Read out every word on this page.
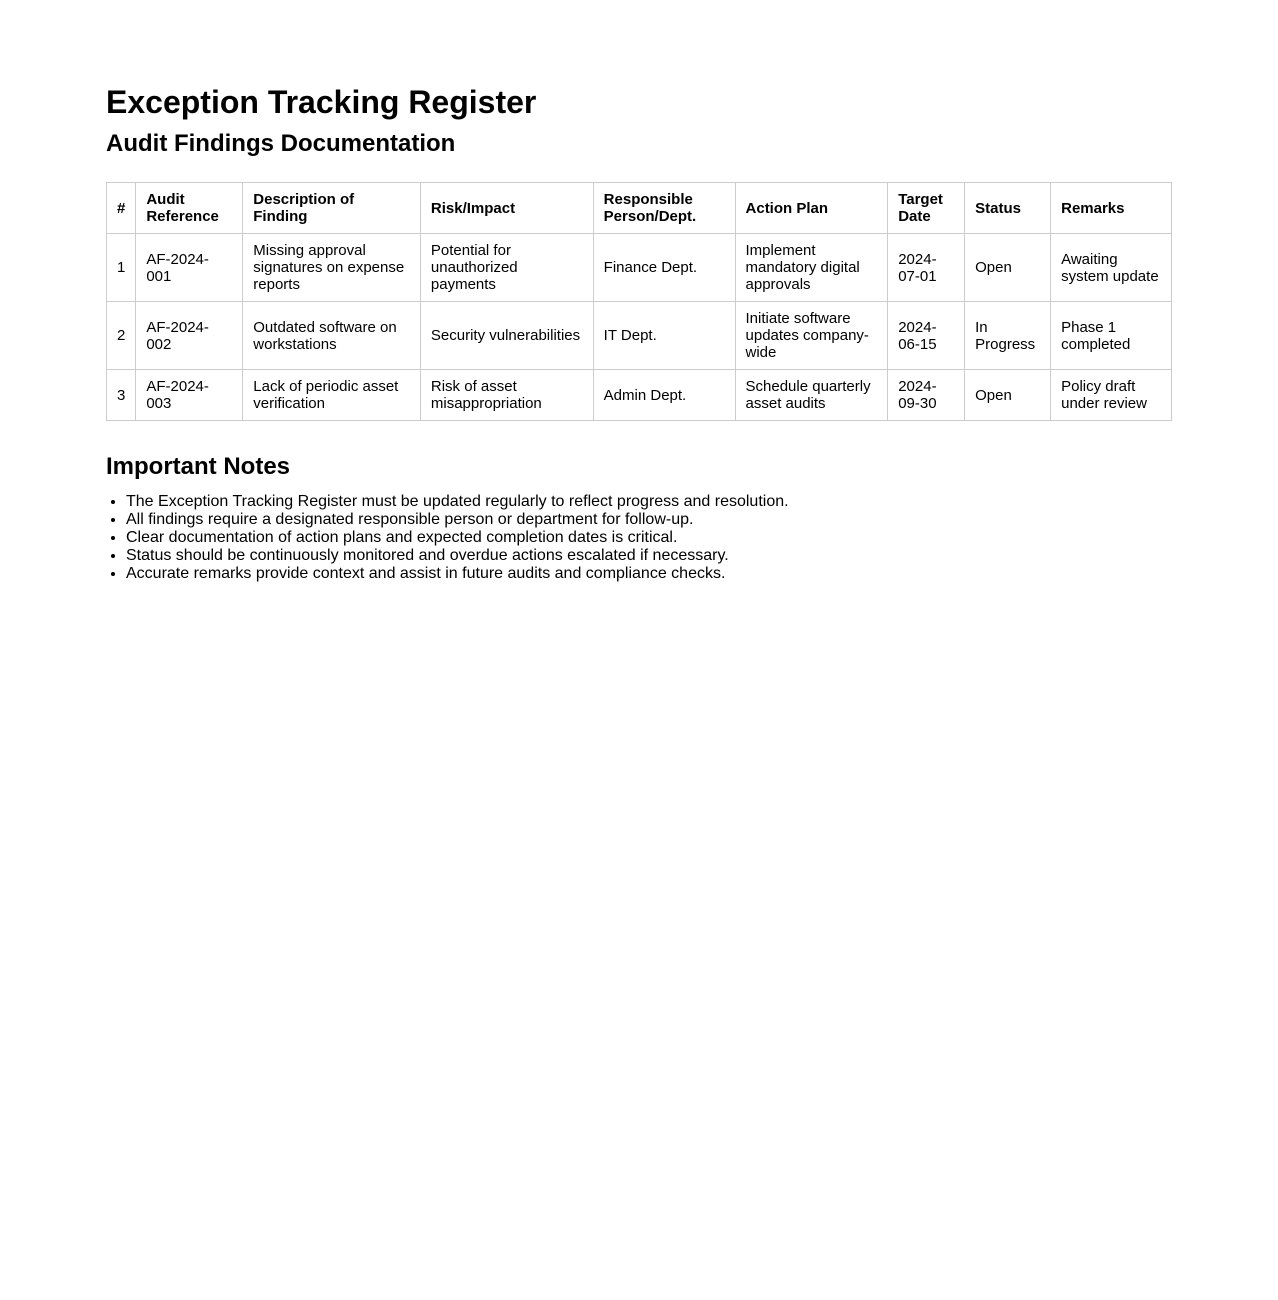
Exception Tracking Register
Audit Findings Documentation
#	Audit Reference	Description of Finding	Risk/Impact	Responsible Person/Dept.	Action Plan	Target Date	Status	Remarks
1	AF-2024-001	Missing approval signatures on expense reports	Potential for unauthorized payments	Finance Dept.	Implement mandatory digital approvals	2024-07-01	Open	Awaiting system update
2	AF-2024-002	Outdated software on workstations	Security vulnerabilities	IT Dept.	Initiate software updates company-wide	2024-06-15	In Progress	Phase 1 completed
3	AF-2024-003	Lack of periodic asset verification	Risk of asset misappropriation	Admin Dept.	Schedule quarterly asset audits	2024-09-30	Open	Policy draft under review
Important Notes
• The Exception Tracking Register must be updated regularly to reflect progress and resolution.
• All findings require a designated responsible person or department for follow-up.
• Clear documentation of action plans and expected completion dates is critical.
• Status should be continuously monitored and overdue actions escalated if necessary.
• Accurate remarks provide context and assist in future audits and compliance checks.
